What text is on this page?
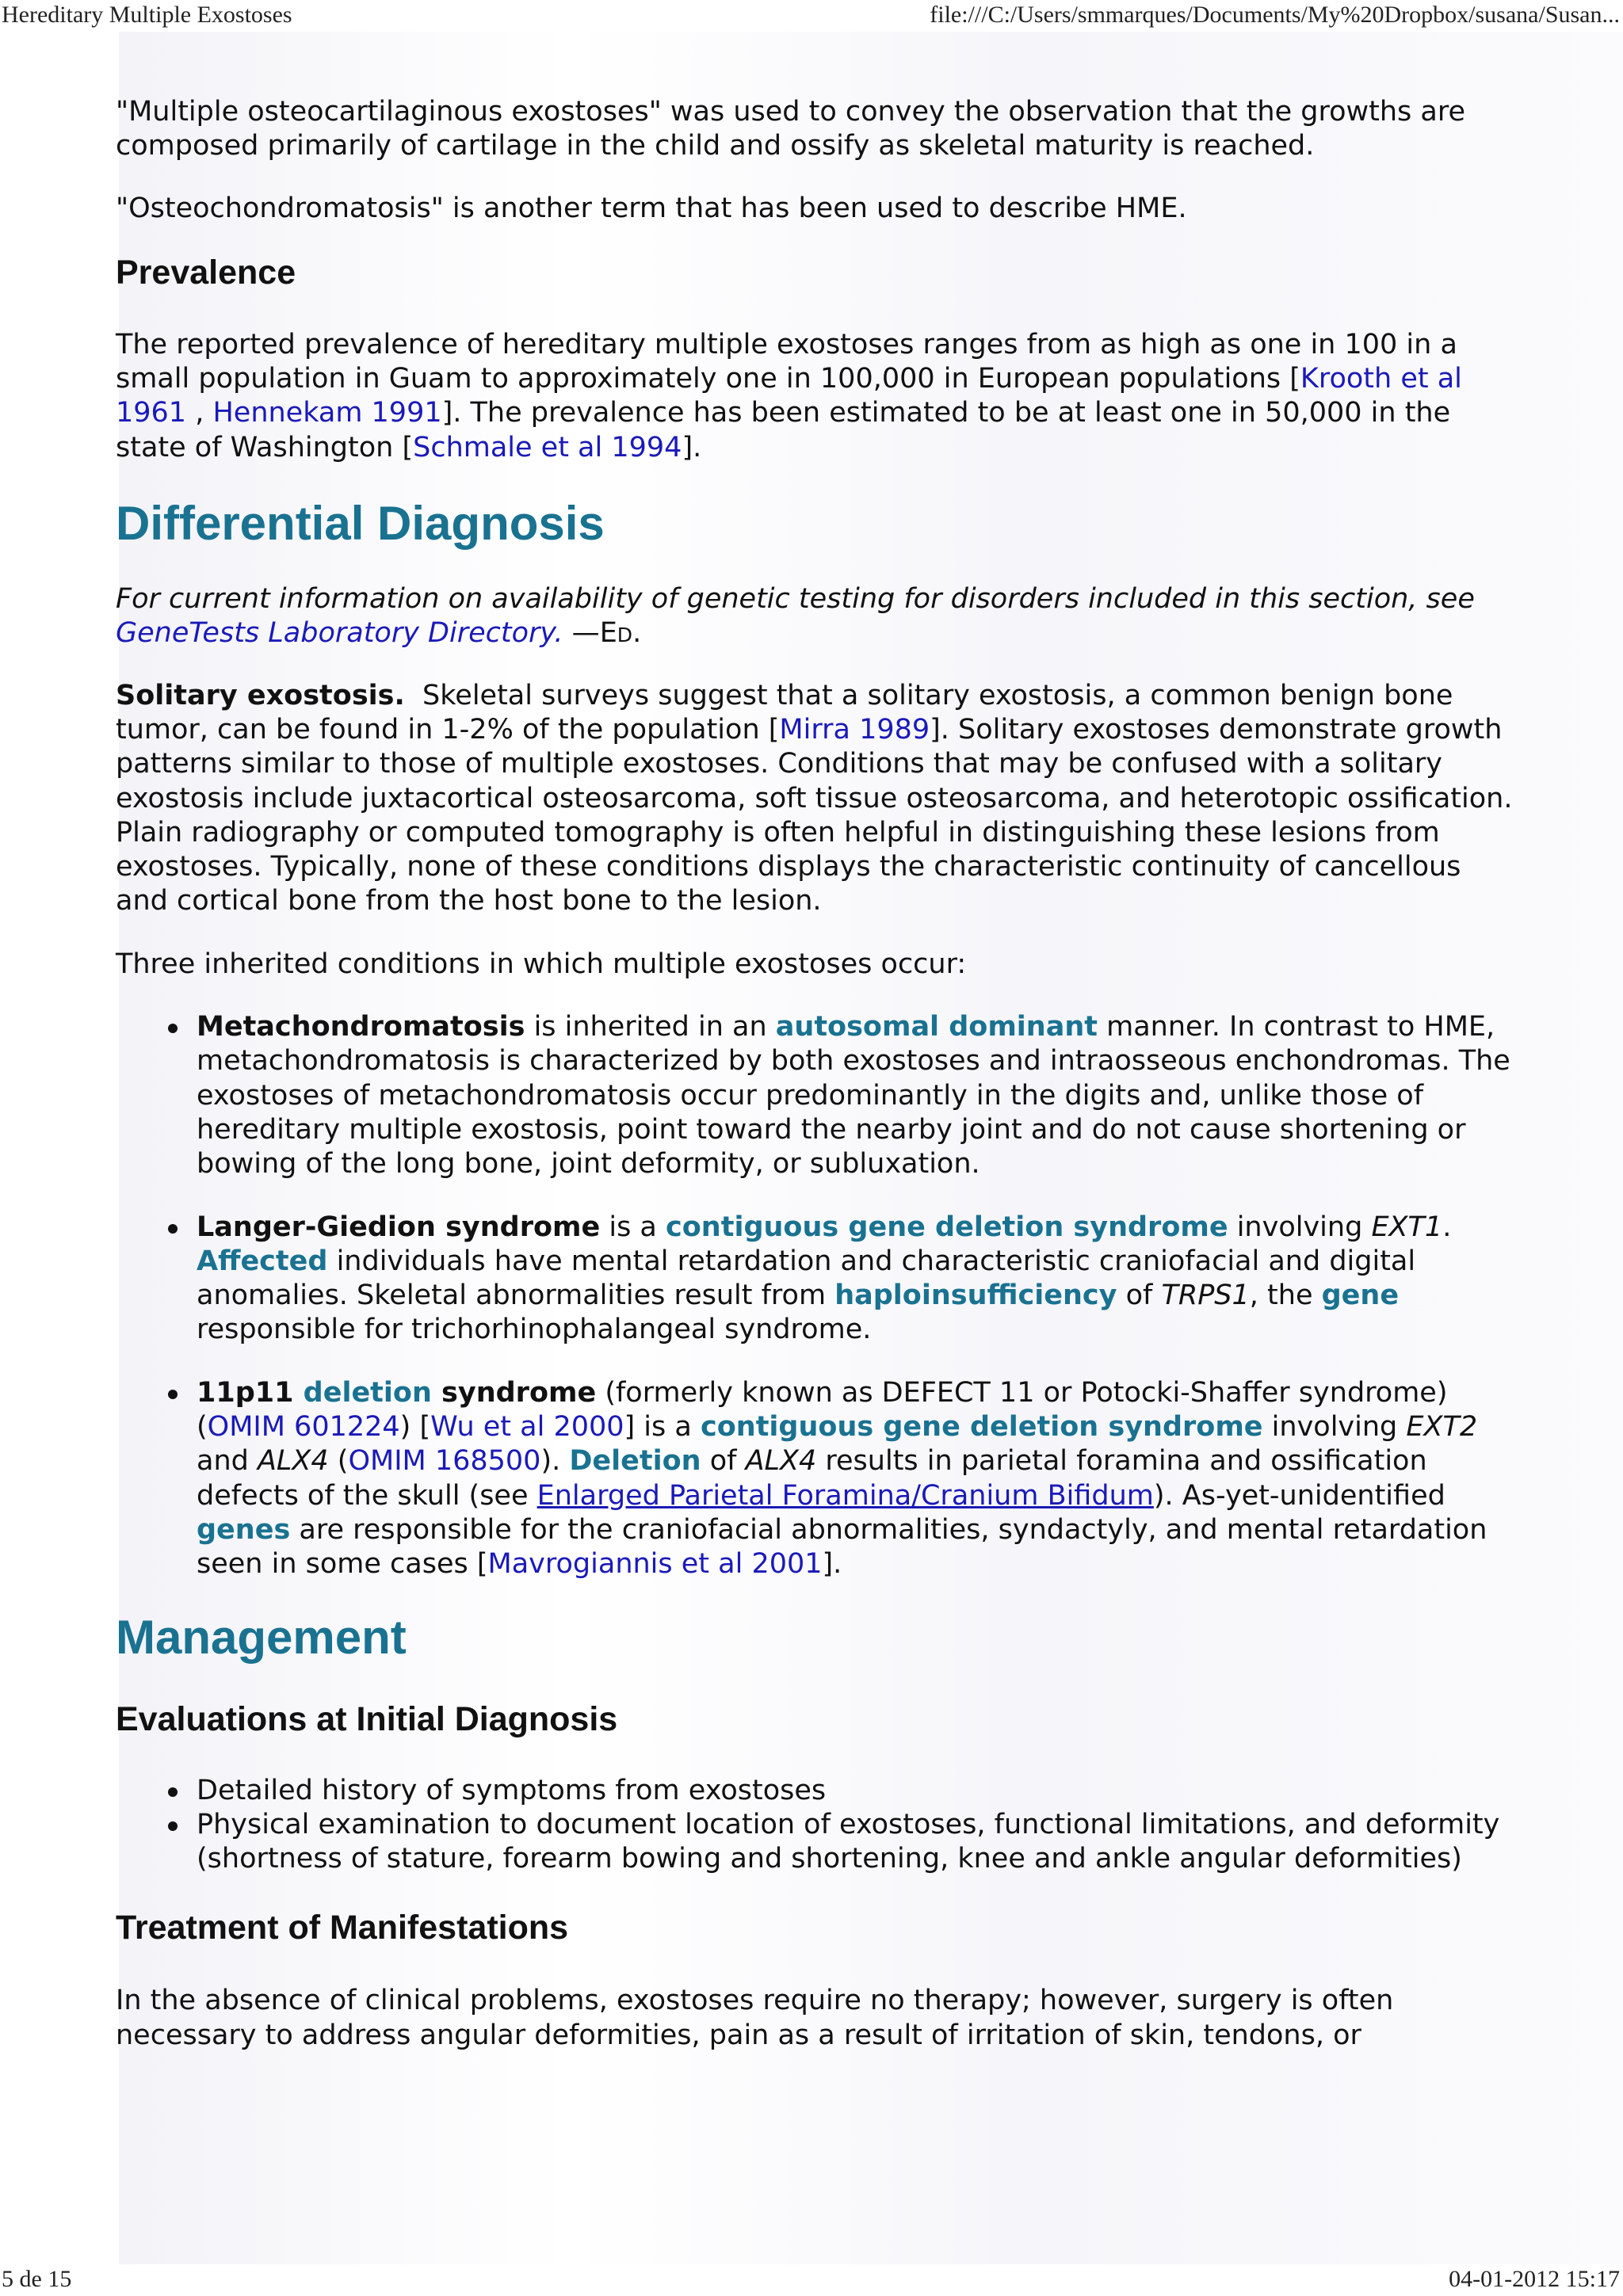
Hereditary Multiple Exostoses	file:///C:/Users/smmarques/Documents/My%20Dropbox/susana/Susan...

"Multiple osteocartilaginous exostoses" was used to convey the observation that the growths are composed primarily of cartilage in the child and ossify as skeletal maturity is reached.

"Osteochondromatosis" is another term that has been used to describe HME.

Prevalence

The reported prevalence of hereditary multiple exostoses ranges from as high as one in 100 in a small population in Guam to approximately one in 100,000 in European populations [Krooth et al 1961 , Hennekam 1991]. The prevalence has been estimated to be at least one in 50,000 in the state of Washington [Schmale et al 1994].

Differential Diagnosis

For current information on availability of genetic testing for disorders included in this section, see GeneTests Laboratory Directory. —Ed.

Solitary exostosis.  Skeletal surveys suggest that a solitary exostosis, a common benign bone tumor, can be found in 1-2% of the population [Mirra 1989]. Solitary exostoses demonstrate growth patterns similar to those of multiple exostoses. Conditions that may be confused with a solitary exostosis include juxtacortical osteosarcoma, soft tissue osteosarcoma, and heterotopic ossification. Plain radiography or computed tomography is often helpful in distinguishing these lesions from exostoses. Typically, none of these conditions displays the characteristic continuity of cancellous and cortical bone from the host bone to the lesion.

Three inherited conditions in which multiple exostoses occur:

Metachondromatosis is inherited in an autosomal dominant manner. In contrast to HME, metachondromatosis is characterized by both exostoses and intraosseous enchondromas. The exostoses of metachondromatosis occur predominantly in the digits and, unlike those of hereditary multiple exostosis, point toward the nearby joint and do not cause shortening or bowing of the long bone, joint deformity, or subluxation.
Langer-Giedion syndrome is a contiguous gene deletion syndrome involving EXT1. Affected individuals have mental retardation and characteristic craniofacial and digital anomalies. Skeletal abnormalities result from haploinsufficiency of TRPS1, the gene responsible for trichorhinophalangeal syndrome.
11p11 deletion syndrome (formerly known as DEFECT 11 or Potocki-Shaffer syndrome) (OMIM 601224) [Wu et al 2000] is a contiguous gene deletion syndrome involving EXT2 and ALX4 (OMIM 168500). Deletion of ALX4 results in parietal foramina and ossification defects of the skull (see Enlarged Parietal Foramina/Cranium Bifidum). As-yet-unidentified genes are responsible for the craniofacial abnormalities, syndactyly, and mental retardation seen in some cases [Mavrogiannis et al 2001].
Management
Evaluations at Initial Diagnosis
Detailed history of symptoms from exostoses
Physical examination to document location of exostoses, functional limitations, and deformity (shortness of stature, forearm bowing and shortening, knee and ankle angular deformities)
Treatment of Manifestations

In the absence of clinical problems, exostoses require no therapy; however, surgery is often necessary to address angular deformities, pain as a result of irritation of skin, tendons, or

5 de 15	04-01-2012 15:17
